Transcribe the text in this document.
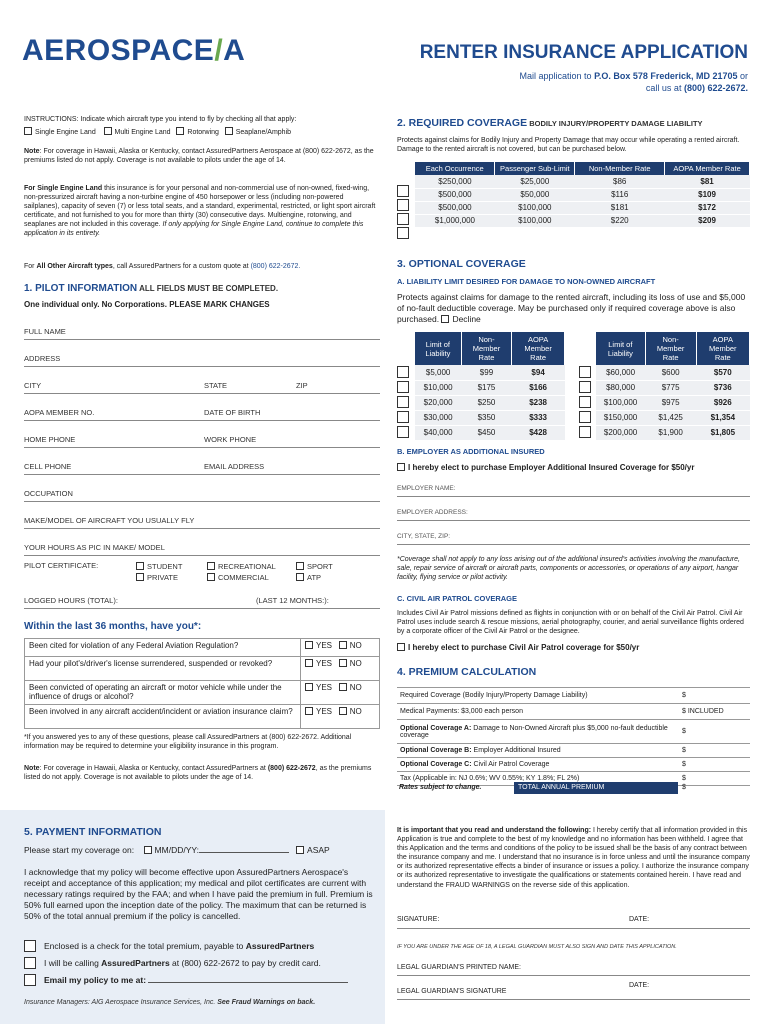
AEROSPACE/A	RENTER INSURANCE APPLICATION
Mail application to P.O. Box 578 Frederick, MD 21705 or
call us at (800) 622-2672.
INSTRUCTIONS: Indicate which aircraft type you intend to fly by checking all that apply:
Single Engine Land	Multi Engine Land Rotorwing Seaplane/Amphib
Note: For coverage in Hawaii, Alaska or Kentucky, contact AssuredPartners Aerospace at (800) 622-2672, as the premiums listed do not apply. Coverage is not available to pilots under the age of 14.
For Single Engine Land this insurance is for your personal and non-commercial use of non-owned, fixed-wing, non-pressurized aircraft having a non-turbine engine of 450 horsepower or less (including non-powered sailplanes), capacity of seven (7) or less total seats, and a standard, experimental, restricted, or light sport aircraft certificate, and not furnished to you for more than thirty (30) consecutive days. Multiengine, rotorwing, and seaplanes are not included in this coverage. If only applying for Single Engine Land, continue to complete this application in its entirety.
For All Other Aircraft types, call AssuredPartners for a custom quote at (800) 622-2672.
1. PILOT INFORMATION ALL FIELDS MUST BE COMPLETED.
One individual only. No Corporations. PLEASE MARK CHANGES
FULL NAME
ADDRESS
CITY	STATE	ZIP
AOPA MEMBER NO.	DATE OF BIRTH
HOME PHONE	WORK PHONE
CELL PHONE	EMAIL ADDRESS
OCCUPATION
MAKE/MODEL OF AIRCRAFT YOU USUALLY FLY
YOUR HOURS AS PIC IN MAKE/ MODEL
PILOT CERTIFICATE:	STUDENT
PRIVATE
RECREATIONAL
COMMERCIAL
SPORT
ATP
LOGGED HOURS (TOTAL):	(LAST 12 MONTHS:):
Within the last 36 months, have you*:
Been cited for violation of any Federal Aviation Regulation?	YES NO
Had your pilot's/driver's license surrendered, suspended or revoked?	YES NO
Been convicted of operating an aircraft or motor vehicle while under the influence of drugs or alcohol?	YES NO
Been involved in any aircraft accident/incident or aviation insurance claim?	YES NO
*If you answered yes to any of these questions, please call AssuredPartners at (800) 622-2672. Additional information may be required to determine your eligibility insurance in this program.
Note: For coverage in Hawaii, Alaska or Kentucky, contact AssuredPartners at (800) 622-2672, as the premiums listed do not apply. Coverage is not available to pilots under the age of 14.
2. REQUIRED COVERAGE BODILY INJURY/PROPERTY DAMAGE LIABILITY
Protects against claims for Bodily Injury and Property Damage that may occur while operating a rented aircraft. Damage to the rented aircraft is not covered, but can be purchased below.
Each Occurrence	Passenger Sub-Limit	Non-Member Rate	AOPA Member Rate
$250,000	$25,000	$86	$81
$500,000	$50,000	$116	$109
$500,000	$100,000	$181	$172
$1,000,000	$100,000	$220	$209
3. OPTIONAL COVERAGE
A. LIABILITY LIMIT DESIRED FOR DAMAGE TO NON-OWNED AIRCRAFT
Protects against claims for damage to the rented aircraft, including its loss of use and $5,000 of no-fault deductible coverage. May be purchased only if required coverage above is also purchased. Decline
Limit of Liability	Non-Member Rate	AOPA Member Rate
$5,000	$99	$94
$10,000	$175	$166
$20,000	$250	$238
$30,000	$350	$333
$40,000	$450	$428
Limit of Liability	Non-Member Rate	AOPA Member Rate
$60,000	$600	$570
$80,000	$775	$736
$100,000	$975	$926
$150,000	$1,425	$1,354
$200,000	$1,900	$1,805
B. EMPLOYER AS ADDITIONAL INSURED
I hereby elect to purchase Employer Additional Insured Coverage for $50/yr
EMPLOYER NAME:
EMPLOYER ADDRESS:
CITY, STATE, ZIP:
*Coverage shall not apply to any loss arising out of the additional insured's activities involving the manufacture, sale, repair service of aircraft or aircraft parts, components or accessories, or operations of any airport, hangar facility, flying service or pilot activity.
C. CIVIL AIR PATROL COVERAGE
Includes Civil Air Patrol missions defined as flights in conjunction with or on behalf of the Civil Air Patrol. Civil Air Patrol uses include search & rescue missions, aerial photography, courier, and aerial surveillance flights ordered by a corporate officer of the Civil Air Patrol or the designee.
I hereby elect to purchase Civil Air Patrol coverage for $50/yr
4. PREMIUM CALCULATION
Required Coverage (Bodily Injury/Property Damage Liability)	$
Medical Payments: $3,000 each person	$ INCLUDED
Optional Coverage A: Damage to Non-Owned Aircraft plus $5,000 no-fault deductible coverage	$
Optional Coverage B: Employer Additional Insured	$
Optional Coverage C: Civil Air Patrol Coverage	$
Tax (Applicable in: NJ 0.6%; WV 0.55%; KY 1.8%; FL 2%)	$
Rates subject to change.	TOTAL ANNUAL PREMIUM	$
5. PAYMENT INFORMATION
Please start my coverage on: MM/DD/YY:	ASAP
I acknowledge that my policy will become effective upon AssuredPartners Aerospace's receipt and acceptance of this application; my medical and pilot certificates are current with necessary ratings required by the FAA; and when I have paid the premium in full. Premium is 50% full earned upon the inception date of the policy. The maximum that can be returned is 50% of the total annual premium if the policy is cancelled.
Enclosed is a check for the total premium, payable to AssuredPartners
I will be calling AssuredPartners at (800) 622-2672 to pay by credit card.
Email my policy to me at:
Insurance Managers: AIG Aerospace Insurance Services, Inc. See Fraud Warnings on back.
It is important that you read and understand the following: I hereby certify that all information provided in this Application is true and complete to the best of my knowledge and no information has been withheld. I agree that this Application and the terms and conditions of the policy to be issued shall be the basis of any contract between the insurance company and me. I understand that no insurance is in force unless and until the insurance company or its authorized representative effects a binder of insurance or issues a policy. I authorize the insurance company or its authorized representative to investigate the qualifications or statements contained herein. I have read and understand the FRAUD WARNINGS on the reverse side of this application.
SIGNATURE:	DATE:
IF YOU ARE UNDER THE AGE OF 18, A LEGAL GUARDIAN MUST ALSO SIGN AND DATE THIS APPLICATION.
LEGAL GUARDIAN'S PRINTED NAME:
LEGAL GUARDIAN'S SIGNATURE
DATE:
